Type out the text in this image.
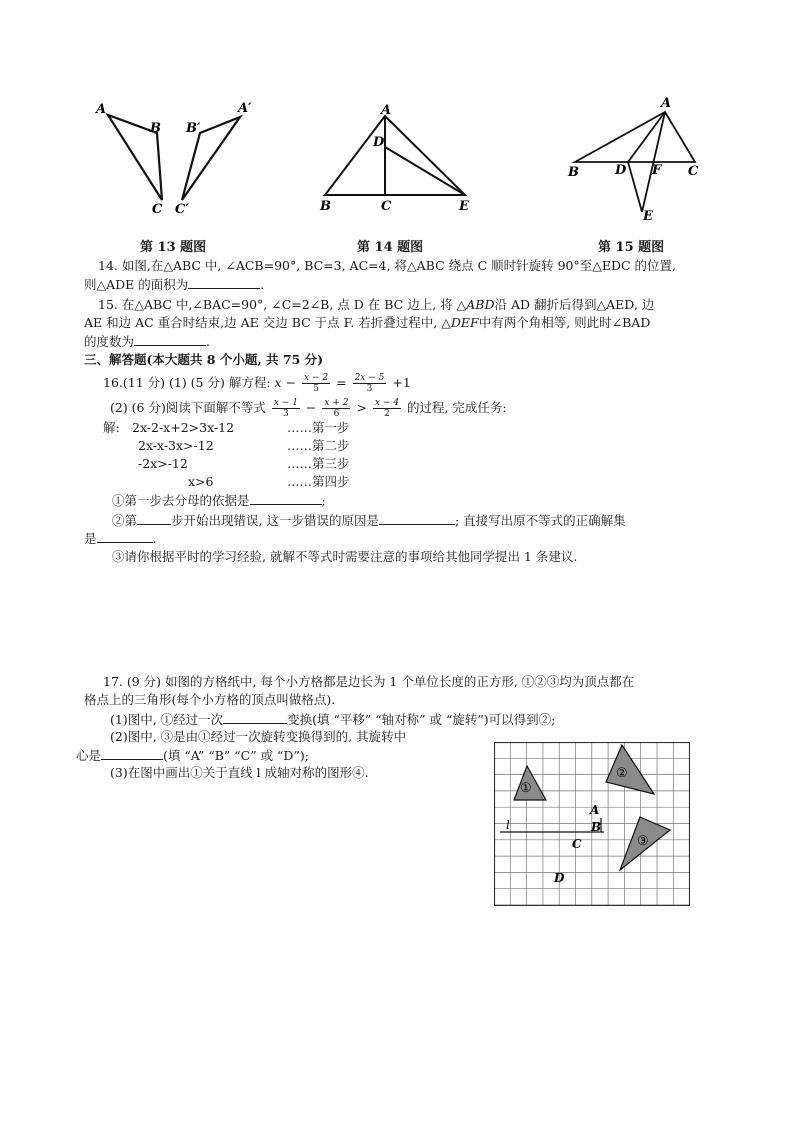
A
B
C
A′
B′
C′
第 13 题图
A
D
B	C	E
第 14 题图
A
B	D F C
E
第 15 题图
14. 如图,在△ABC 中, ∠ACB=90°, BC=3, AC=4, 将△ABC 绕点 C 顺时针旋转 90°至△EDC 的位置,
则△ADE 的面积为	.
15. 在△ABC 中,∠BAC=90°, ∠C=2∠B, 点 D 在 BC 边上, 将 △ABD沿 AD 翻折后得到△AED, 边
AE 和边 AC 重合时结束,边 AE 交边 BC 于点 F. 若折叠过程中, △DEF中有两个角相等, 则此时∠BAD
的度数为	.
三、解答题(本大题共 8 个小题, 共 75 分)
16.(11 分) (1) (5 分) 解方程: $x - \frac{x - 2}{5} = \frac{2x - 5}{3} +1$
(2) (6 分)阅读下面解不等式 $\frac{x - 1}{3} - \frac{x + 2}{6} > \frac{x - 4}{2}$ 的过程, 完成任务:
解: 2x-2-x+2>3x-12	……第一步
2x-x-3x>-12	……第二步
-2x>-12	……第三步
x>6	……第四步
①第一步去分母的依据是	;
②第	步开始出现错误, 这一步错误的原因是	; 直接写出原不等式的正确解集
是	.
③请你根据平时的学习经验, 就解不等式时需要注意的事项给其他同学提出 1 条建议.
17. (9 分) 如图的方格纸中, 每个小方格都是边长为 1 个单位长度的正方形, ①②③均为顶点都在
格点上的三角形(每个小方格的顶点叫做格点).
(1)图中, ①经过一次	变换(填 “平移” “轴对称” 或 “旋转”)可以得到②;
(2)图中, ③是由①经过一次旋转变换得到的, 其旋转中
心是	(填 “A” “B” “C” 或 “D”);
(3)在图中画出①关于直线 l 成轴对称的图形④.
①
②
③
A
B
C
D
l
